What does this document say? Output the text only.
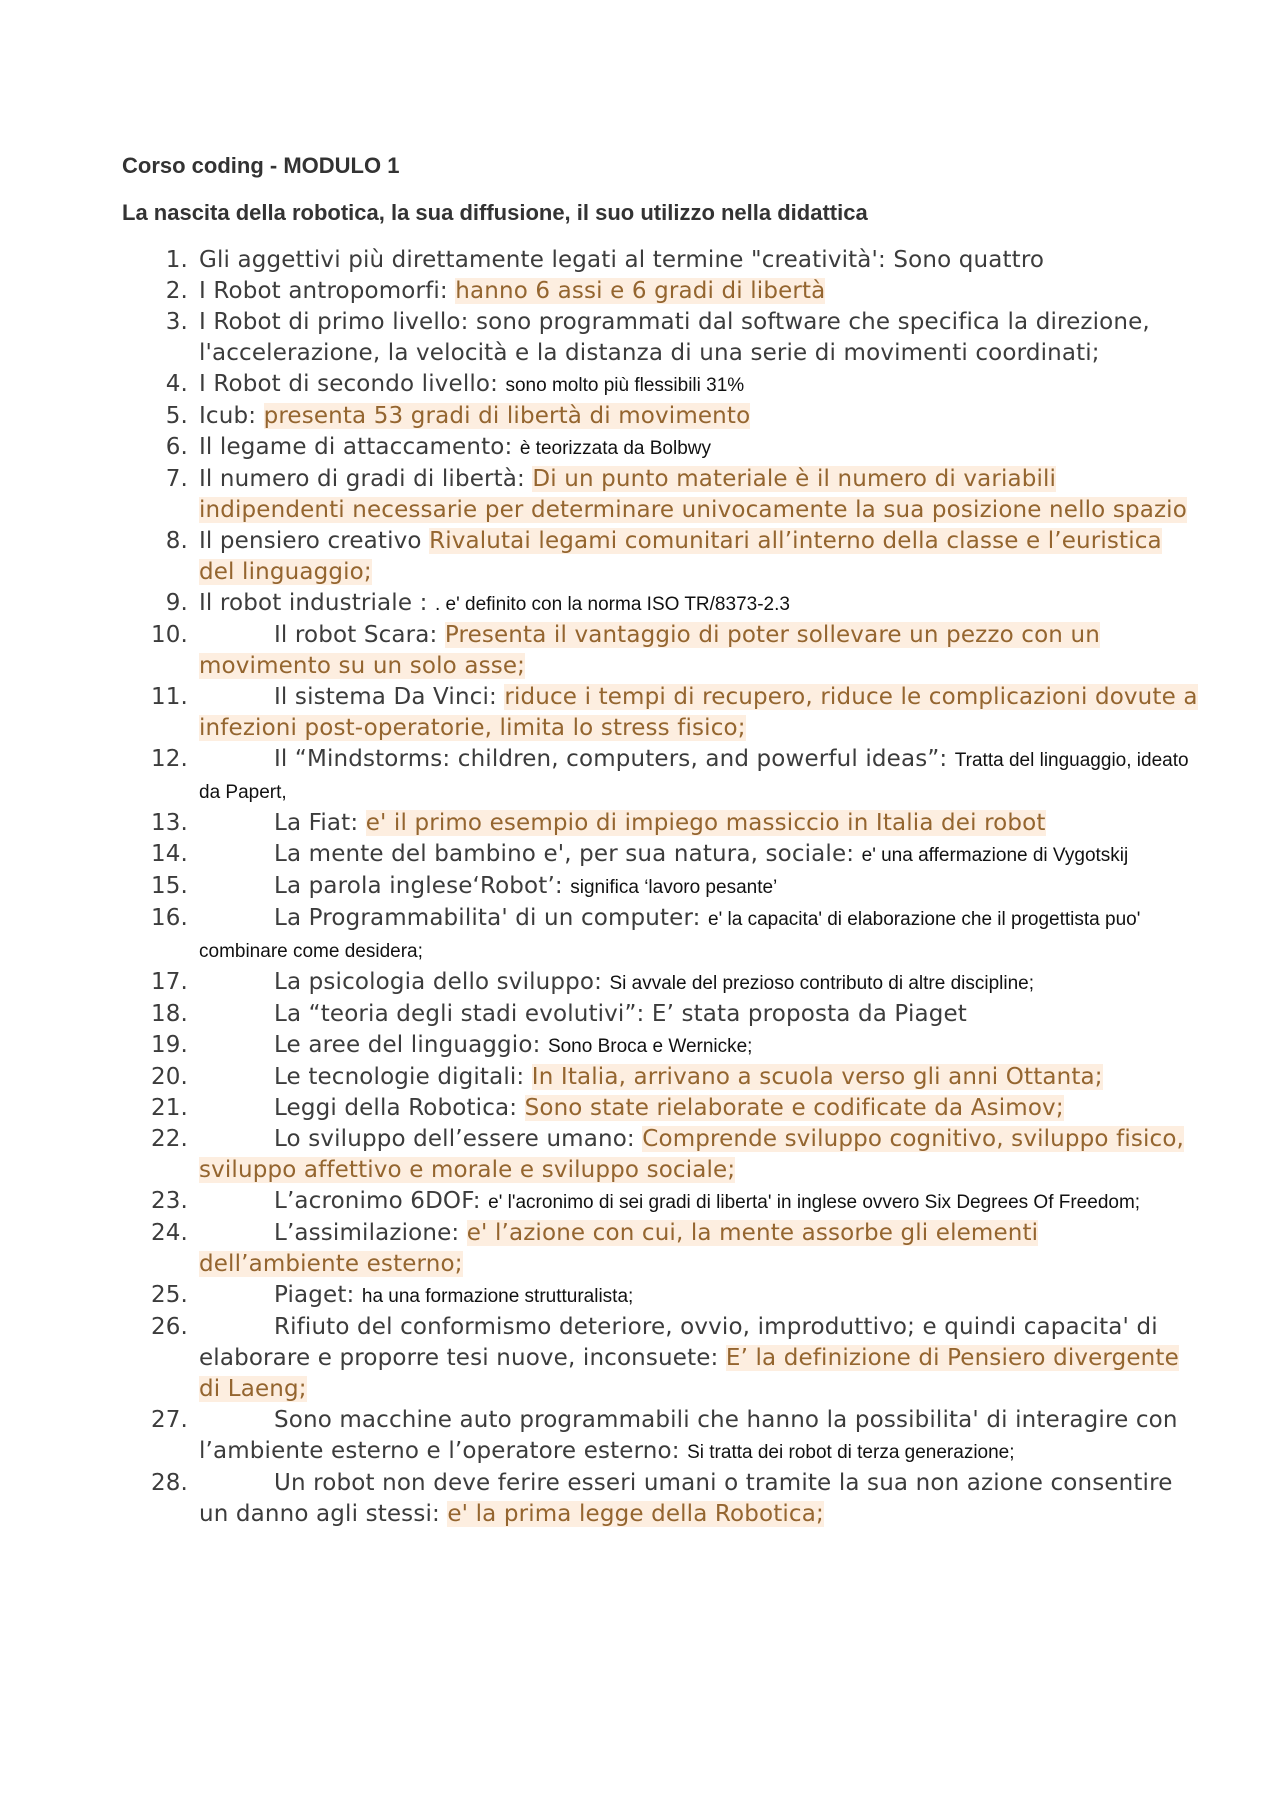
Corso coding - MODULO 1
La nascita della robotica, la sua diffusione, il suo utilizzo nella didattica
1. Gli aggettivi più direttamente legati al termine "creatività': Sono quattro
2. I Robot antropomorfi: hanno 6 assi e 6 gradi di libertà
3. I Robot di primo livello: sono programmati dal software che specifica la direzione, l'accelerazione, la velocità e la distanza di una serie di movimenti coordinati;
4. I Robot di secondo livello: sono molto più flessibili 31%
5. Icub: presenta 53 gradi di libertà di movimento
6. Il legame di attaccamento: è teorizzata da Bolbwy
7. Il numero di gradi di libertà: Di un punto materiale è il numero di variabili indipendenti necessarie per determinare univocamente la sua posizione nello spazio
8. Il pensiero creativo Rivalutai legami comunitari all’interno della classe e l’euristica del linguaggio;
9. Il robot industriale : . e' definito con la norma ISO TR/8373-2.3
10.	Il robot Scara: Presenta il vantaggio di poter sollevare un pezzo con un movimento su un solo asse;
11.	Il sistema Da Vinci: riduce i tempi di recupero, riduce le complicazioni dovute a infezioni post-operatorie, limita lo stress fisico;
12.	Il “Mindstorms: children, computers, and powerful ideas”: Tratta del linguaggio, ideato da Papert,
13.	La Fiat: e' il primo esempio di impiego massiccio in Italia dei robot
14.	La mente del bambino e', per sua natura, sociale: e' una affermazione di Vygotskij
15.	La parola inglese‘Robot’: significa ‘lavoro pesante’
16.	La Programmabilita' di un computer: e' la capacita' di elaborazione che il progettista puo' combinare come desidera;
17.	La psicologia dello sviluppo: Si avvale del prezioso contributo di altre discipline;
18.	La “teoria degli stadi evolutivi”: E’ stata proposta da Piaget
19.	Le aree del linguaggio: Sono Broca e Wernicke;
20.	Le tecnologie digitali: In Italia, arrivano a scuola verso gli anni Ottanta;
21.	Leggi della Robotica: Sono state rielaborate e codificate da Asimov;
22.	Lo sviluppo dell’essere umano: Comprende sviluppo cognitivo, sviluppo fisico, sviluppo affettivo e morale e sviluppo sociale;
23.	L’acronimo 6DOF: e' l'acronimo di sei gradi di liberta' in inglese ovvero Six Degrees Of Freedom;
24.	L’assimilazione: e' l’azione con cui, la mente assorbe gli elementi dell’ambiente esterno;
25.	Piaget: ha una formazione strutturalista;
26.	Rifiuto del conformismo deteriore, ovvio, improduttivo; e quindi capacita' di elaborare e proporre tesi nuove, inconsuete: E’ la definizione di Pensiero divergente di Laeng;
27.	Sono macchine auto programmabili che hanno la possibilita' di interagire con l’ambiente esterno e l’operatore esterno: Si tratta dei robot di terza generazione;
28.	Un robot non deve ferire esseri umani o tramite la sua non azione consentire un danno agli stessi: e' la prima legge della Robotica;
